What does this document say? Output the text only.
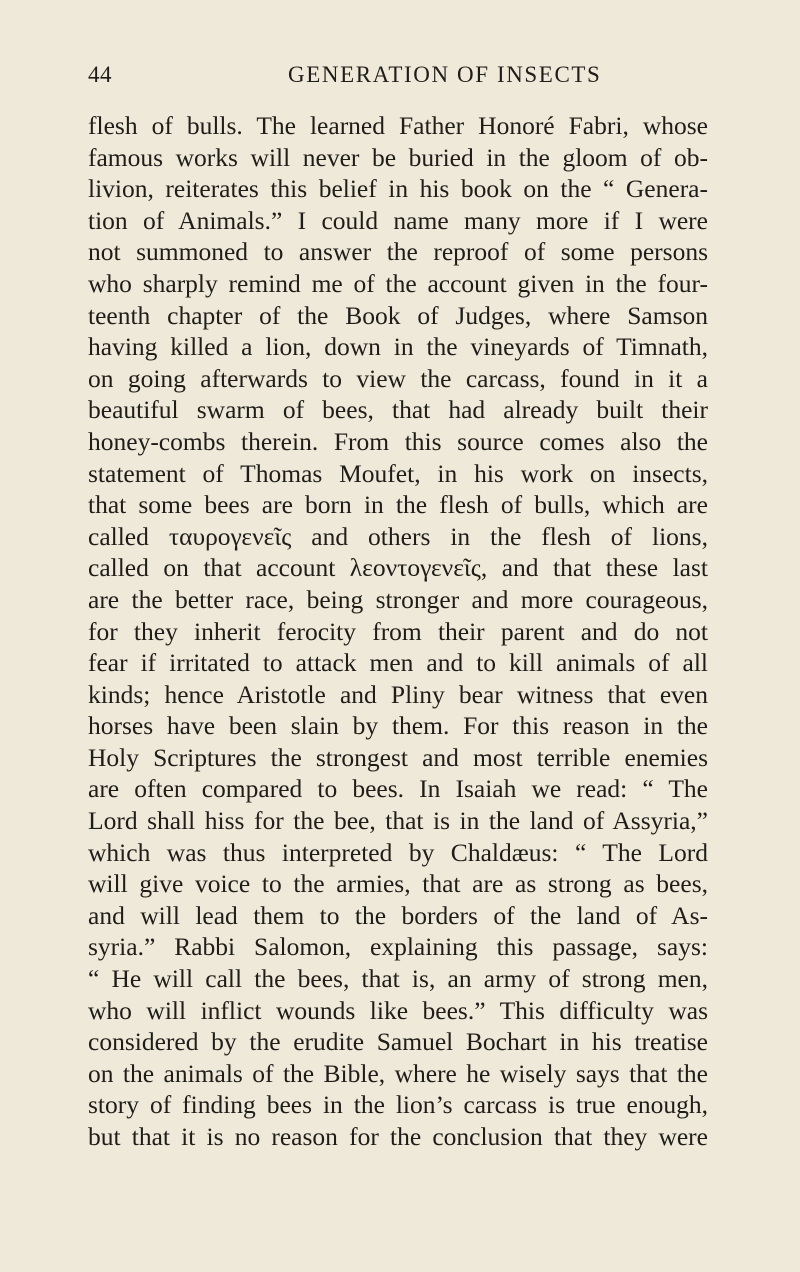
44	GENERATION OF INSECTS
flesh of bulls. The learned Father Honoré Fabri, whose
famous works will never be buried in the gloom of ob-
livion, reiterates this belief in his book on the “ Genera-
tion of Animals.” I could name many more if I were
not summoned to answer the reproof of some persons
who sharply remind me of the account given in the four-
teenth chapter of the Book of Judges, where Samson
having killed a lion, down in the vineyards of Timnath,
on going afterwards to view the carcass, found in it a
beautiful swarm of bees, that had already built their
honey-combs therein. From this source comes also the
statement of Thomas Moufet, in his work on insects,
that some bees are born in the flesh of bulls, which are
called ταυρογενεῖς and others in the flesh of lions,
called on that account λεοντογενεῖς, and that these last
are the better race, being stronger and more courageous,
for they inherit ferocity from their parent and do not
fear if irritated to attack men and to kill animals of all
kinds; hence Aristotle and Pliny bear witness that even
horses have been slain by them. For this reason in the
Holy Scriptures the strongest and most terrible enemies
are often compared to bees. In Isaiah we read: “ The
Lord shall hiss for the bee, that is in the land of Assyria,”
which was thus interpreted by Chaldæus: “ The Lord
will give voice to the armies, that are as strong as bees,
and will lead them to the borders of the land of As-
syria.” Rabbi Salomon, explaining this passage, says:
“ He will call the bees, that is, an army of strong men,
who will inflict wounds like bees.” This difficulty was
considered by the erudite Samuel Bochart in his treatise
on the animals of the Bible, where he wisely says that the
story of finding bees in the lion’s carcass is true enough,
but that it is no reason for the conclusion that they were
